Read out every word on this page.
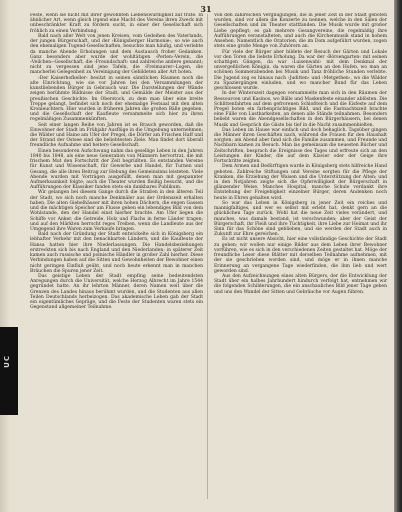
31

Feste, wenn sie nicht mit ihrer gewohnten Liebenswürdigkeit auf träte. In ähnlicher Art, wenn gleich irgend eine Macht des Vereins ihren Zweck mit unbeschränkter Kraft zu fördern sucht, in einer der Gesellschaft sich fröhlich zu einen Verbindung.

Bald nach aller Welt von jenen Kreisen, vom Gedeihen des Vaterlands, der jungen Bürgerschaft, und der ›Königsberger Harmonie‹, so wie auch den ehemaligen Tugend-Gesellschaften, besuchte man häufig, und verlebte da manche Abende Erholungen und dem Austausch froher Gedanken. Ganz besonders aber wurde der wohltätigen ›Perlen‹-Verein, die ›Veilchen‹-Gesellschaft, die ›Freundschaft‹ und zahlreiche andere genannt; nicht zu vergessen sind jene Tafeln, die ›Freimaurer‹-Logen, die mancherlei Gelegenheit zu Vereinigung der Gebildeten aller Art boten.

›Der Kaiserhofkeller‹ besitzt in seinen sämtlichen Räumen noch die alte Einrichtung, wie sie vor Jahren bei den Versammlungen der kunstliebenden Bürger in Gebrauch war. Die Darstellungen der Wände zeigen berühmte Bildnisse der Stadt, und Gemälde der Meister aus der preußischen Geschichte. Im Oberstock, zu dem man über eine breite Treppe gelangt, befindet sich noch der ehemalige Festsaal mit den alten Kronleuchtern. Hier wurden in früheren Jahren die großen Bälle gegeben, und die Gesellschaft der Kaufleute versammelte sich hier zu ihren regelmäßigen Zusammenkünften.

Seit einer langen Reihe von Jahren ist es Brauch geworden, daß die Einwohner der Stadt im Frühjahr Ausflüge in die Umgebung unternehmen; die Wälder und Haine am Ufer der Pregel, die Dörfer am Frischen Haff und der Strand der Ostsee sind die beliebtesten Ziele. Man findet dort überall freundliche Aufnahme und heitere Gesellschaft.

Einen besonderen Aufschwung nahm das gesellige Leben in den Jahren 1840 bis 1848, als eine neue Generation von Männern hervortrat, die mit frischem Mut den Fortschritt der Zeit begrüßten. Es entstanden Vereine für Kunst und Wissenschaft, für Gewerbe und Handel, für Turnen und Gesang, die alle ihren Beitrag zur Hebung des Gemeinsinns leisteten. Viele Abende wurden mit Vorträgen ausgefüllt, denen man mit gespannter Aufmerksamkeit folgte; auch die Theater wurden fleißig besucht, und die Aufführungen der Klassiker fanden stets ein dankbares Publikum.

Wir gelangen bei diesem Gange durch die Straßen in den älteren Teil der Stadt, wo sich noch manche Denkmäler aus der Ordenszeit erhalten haben. Die alten Giebelhäuser mit ihren hohen Dächern, die engen Gassen und die mächtigen Speicher am Flusse geben ein lebendiges Bild von dem Wohlstande, den der Handel einst hierher brachte. Am Ufer liegen die Schiffe vor Anker, die Getreide, Holz und Flachs in ferne Länder tragen; und auf den Märkten herrscht reges Treiben, wenn die Landleute aus der Umgegend ihre Waren zum Verkaufe bringen.

Bald nach der Gründung der Stadt entwickelte sich in Königsberg ein lebhafter Verkehr mit den benachbarten Ländern, und die Kaufleute der Hansa hatten hier ihre Niederlassungen. Die Handelsbeziehungen erstreckten sich bis nach England und den Niederlanden; in späterer Zeit kamen auch russische und polnische Händler in großer Zahl hierher. Diese Verbindungen haben auf die Sitten und Gewohnheiten der Bewohner einen nicht geringen Einfluß geübt, und noch heute erkennt man in manchen Bräuchen die Spuren jener Zeit.

Das geistige Leben der Stadt empfing seine bedeutendsten Anregungen durch die Universität, welche Herzog Albrecht im Jahre 1544 gegründet hatte. An ihr lehrten Männer, deren Namen weit über die Grenzen des Landes hinaus berühmt wurden, und die Studenten aus allen Teilen Deutschlands herbeizogen. Das akademische Leben gab der Stadt ein eigentümliches Gepräge, und die Feste der Studenten waren stets ein Gegenstand allgemeiner Teilnahme.

Von den zahlreichen Vergnügungen, die in jener Zeit in der Stadt geboten wurden, sind vor allem die Konzerte zu nennen, welche in den Sälen der Gesellschaften und im Theater stattfanden. Die Musik wurde mit großer Liebe gepflegt; es gab mehrere Gesangvereine, die regelmäßig ihre Aufführungen veranstalteten, und auch die Kirchenmusik stand in hohem Ansehen. Namentlich die Oratorien, die im Dom aufgeführt wurden, zogen stets eine große Menge von Zuhörern an.

Für viele der Bürger aber bildete der Besuch der Gärten und Lokale vor den Toren die liebste Erholung. Da war der ›Börsengarten‹ mit seinen schattigen Gängen, da war ›Luisenwahl‹ mit dem Denkmal der unvergeßlichen Königin, da waren die Gärten an den Hufen, wo man an schönen Sommerabenden bei Musik und Tanz fröhliche Stunden verlebte. Die Jugend zog es hinaus nach ›Juditten‹ und ›Metgethen‹, wo die Wälder zu Spaziergängen einluden, und wo mancher Bund für das Leben geschlossen wurde.

In der Winterszeit dagegen versammelte man sich in den Räumen der Ressourcen und Kasinos, wo Bälle und Maskenfeste einander ablösten. Die Schlittenfahrten auf dem gefrorenen Schloßteich und die Eisfeste auf dem Pregel boten ein farbenprächtiges Bild, und die Fastnachtszeit brachte eine Fülle von Lustbarkeiten, an denen alle Stände teilnahmen. Besonders beliebt waren die Abendgesellschaften in den Bürgerhäusern, bei denen Musik und Gespräch die Gäste bis tief in die Nacht zusammenhielten.

Das Leben im Hause war einfach und doch behaglich. Tagsüber gingen die Männer ihren Geschäften nach, während die Frauen für den Haushalt sorgten; am Abend aber fand sich die Familie zusammen, und Freunde und Nachbarn kamen zu Besuch. Man las gemeinsam die neuesten Bücher und Zeitschriften, besprach die Ereignisse des Tages und erfreute sich an den Leistungen der Kinder, die auf dem Klavier oder der Geige ihre Fortschritte zeigten.

Dem Armen und Bedürftigen wurde in Königsberg stets hilfreiche Hand geboten. Zahlreiche Stiftungen und Vereine sorgten für die Pflege der Kranken, die Erziehung der Waisen und die Unterstützung der Alten; und in den Notjahren zeigte sich die Opferwilligkeit der Bürgerschaft in glänzender Weise. Manches Hospital, manche Schule verdankt ihre Entstehung der Freigebigkeit einzelner Bürger, deren Andenken noch heute in Ehren gehalten wird.

So war das Leben in Königsberg in jener Zeit ein reiches und mannigfaltiges, und wer es selbst mit erlebt hat, denkt gern an die glücklichen Tage zurück. Wohl hat die neue Zeit vieles verändert, und manches, was damals bestand, ist verschwunden; aber der Geist der Bürgerschaft, ihr Fleiß und ihre Tüchtigkeit, ihre Liebe zur Heimat und ihr Sinn für das Schöne sind geblieben, und sie werden der Stadt auch in Zukunft zur Ehre gereichen.

Es ist nicht unsere Absicht, hier eine vollständige Geschichte der Stadt zu geben; wir wollen nur einige Bilder aus dem Leben ihrer Bewohner vorführen, wie es sich in den verschiedenen Zeiten gestaltet hat. Möge der freundliche Leser diese Blätter mit derselben Teilnahme aufnehmen, mit der sie geschrieben worden sind, und möge er in ihnen manche Erinnerung an vergangene Tage wiederfinden, die ihm lieb und wert geworden sind.

Aus den Aufzeichnungen eines alten Bürgers, der die Entwicklung der Stadt über ein halbes Jahrhundert hindurch verfolgt hat, entnehmen wir die folgenden Schilderungen, die ein anschauliches Bild jener Tage geben und uns den Wandel der Sitten und Gebräuche vor Augen führen.

UC
